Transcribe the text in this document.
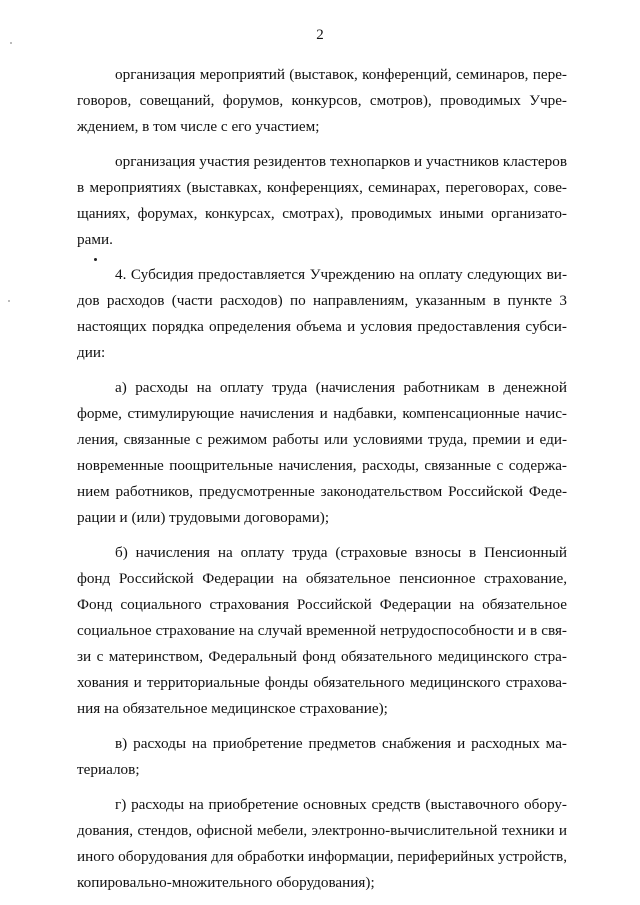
2
организация мероприятий (выставок, конференций, семинаров, пере-
говоров, совещаний, форумов, конкурсов, смотров), проводимых Учре-
ждением, в том числе с его участием;
организация участия резидентов технопарков и участников кластеров
в мероприятиях (выставках, конференциях, семинарах, переговорах, сове-
щаниях, форумах, конкурсах, смотрах), проводимых иными организато-
рами.
4. Субсидия предоставляется Учреждению на оплату следующих ви-
дов расходов (части расходов) по направлениям, указанным в пункте 3
настоящих порядка определения объема и условия предоставления субси-
дии:
а) расходы на оплату труда (начисления работникам в денежной
форме, стимулирующие начисления и надбавки, компенсационные начис-
ления, связанные с режимом работы или условиями труда, премии и еди-
новременные поощрительные начисления, расходы, связанные с содержа-
нием работников, предусмотренные законодательством Российской Феде-
рации и (или) трудовыми договорами);
б) начисления на оплату труда (страховые взносы в Пенсионный
фонд Российской Федерации на обязательное пенсионное страхование,
Фонд социального страхования Российской Федерации на обязательное
социальное страхование на случай временной нетрудоспособности и в свя-
зи с материнством, Федеральный фонд обязательного медицинского стра-
хования и территориальные фонды обязательного медицинского страхова-
ния на обязательное медицинское страхование);
в) расходы на приобретение предметов снабжения и расходных ма-
териалов;
г) расходы на приобретение основных средств (выставочного обору-
дования, стендов, офисной мебели, электронно-вычислительной техники и
иного оборудования для обработки информации, периферийных устройств,
копировально-множительного оборудования);
